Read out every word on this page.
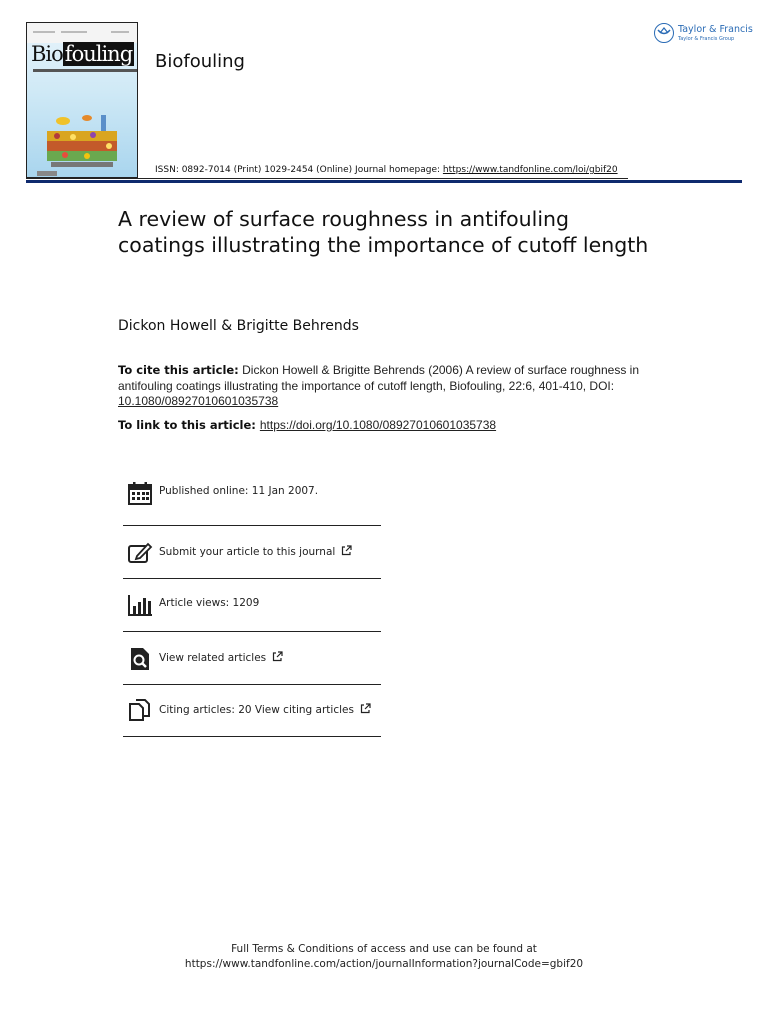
Biofouling Biofouling
Taylor & Francis
Taylor & Francis Group
ISSN: 0892-7014 (Print) 1029-2454 (Online) Journal homepage: https://www.tandfonline.com/loi/gbif20
A review of surface roughness in antifouling coatings illustrating the importance of cutoff length
Dickon Howell & Brigitte Behrends
To cite this article: Dickon Howell & Brigitte Behrends (2006) A review of surface roughness in antifouling coatings illustrating the importance of cutoff length, Biofouling, 22:6, 401-410, DOI: 10.1080/08927010601035738
To link to this article: https://doi.org/10.1080/08927010601035738
Published online: 11 Jan 2007.
Submit your article to this journal
Article views: 1209
View related articles
Citing articles: 20 View citing articles
Full Terms & Conditions of access and use can be found at
https://www.tandfonline.com/action/journalInformation?journalCode=gbif20
